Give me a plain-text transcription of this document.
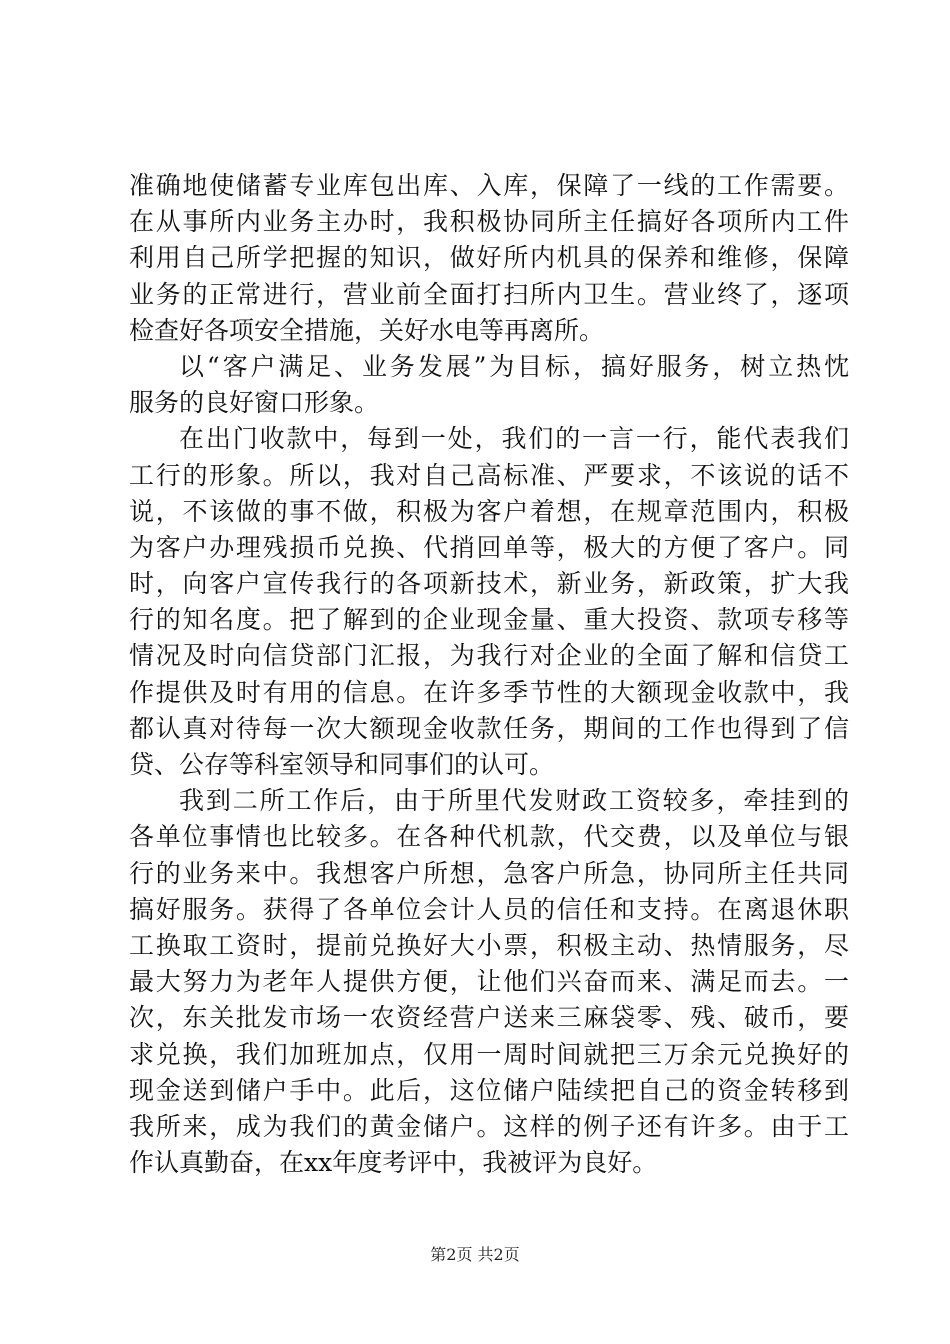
准确地使储蓄专业库包出库、入库，保障了一线的工作需要。
在从事所内业务主办时，我积极协同所主任搞好各项所内工件
利用自己所学把握的知识，做好所内机具的保养和维修，保障
业务的正常进行，营业前全面打扫所内卫生。营业终了，逐项
检查好各项安全措施，关好水电等再离所。
以“客户满足、业务发展”为目标，搞好服务，树立热忱
服务的良好窗口形象。
在出门收款中，每到一处，我们的一言一行，能代表我们
工行的形象。所以，我对自己高标准、严要求，不该说的话不
说，不该做的事不做，积极为客户着想，在规章范围内，积极
为客户办理残损币兑换、代捎回单等，极大的方便了客户。同
时，向客户宣传我行的各项新技术，新业务，新政策，扩大我
行的知名度。把了解到的企业现金量、重大投资、款项专移等
情况及时向信贷部门汇报，为我行对企业的全面了解和信贷工
作提供及时有用的信息。在许多季节性的大额现金收款中，我
都认真对待每一次大额现金收款任务，期间的工作也得到了信
贷、公存等科室领导和同事们的认可。
我到二所工作后，由于所里代发财政工资较多，牵挂到的
各单位事情也比较多。在各种代机款，代交费，以及单位与银
行的业务来中。我想客户所想，急客户所急，协同所主任共同
搞好服务。获得了各单位会计人员的信任和支持。在离退休职
工换取工资时，提前兑换好大小票，积极主动、热情服务，尽
最大努力为老年人提供方便，让他们兴奋而来、满足而去。一
次，东关批发市场一农资经营户送来三麻袋零、残、破币，要
求兑换，我们加班加点，仅用一周时间就把三万余元兑换好的
现金送到储户手中。此后，这位储户陆续把自己的资金转移到
我所来，成为我们的黄金储户。这样的例子还有许多。由于工
作认真勤奋，在xx年度考评中，我被评为良好。
第2页 共2页
